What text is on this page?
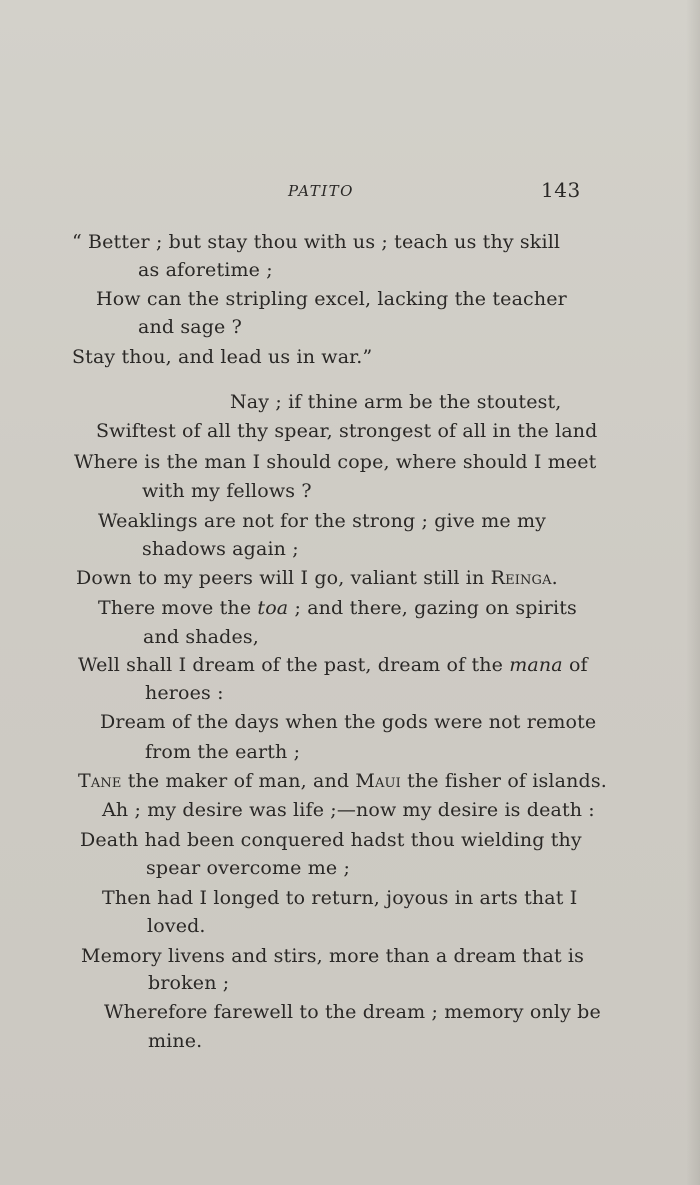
PATITO	143
“ Better ; but stay thou with us ; teach us thy skill
as aforetime ;
How can the stripling excel, lacking the teacher
and sage ?
Stay thou, and lead us in war.”
Nay ; if thine arm be the stoutest,
Swiftest of all thy spear, strongest of all in the land
Where is the man I should cope, where should I meet
with my fellows ?
Weaklings are not for the strong ; give me my
shadows again ;
Down to my peers will I go, valiant still in Reinga.
There move the toa ; and there, gazing on spirits
and shades,
Well shall I dream of the past, dream of the mana of
heroes :
Dream of the days when the gods were not remote
from the earth ;
Tane the maker of man, and Maui the fisher of islands.
Ah ; my desire was life ;—now my desire is death :
Death had been conquered hadst thou wielding thy
spear overcome me ;
Then had I longed to return, joyous in arts that I
loved.
Memory livens and stirs, more than a dream that is
broken ;
Wherefore farewell to the dream ; memory only be
mine.
